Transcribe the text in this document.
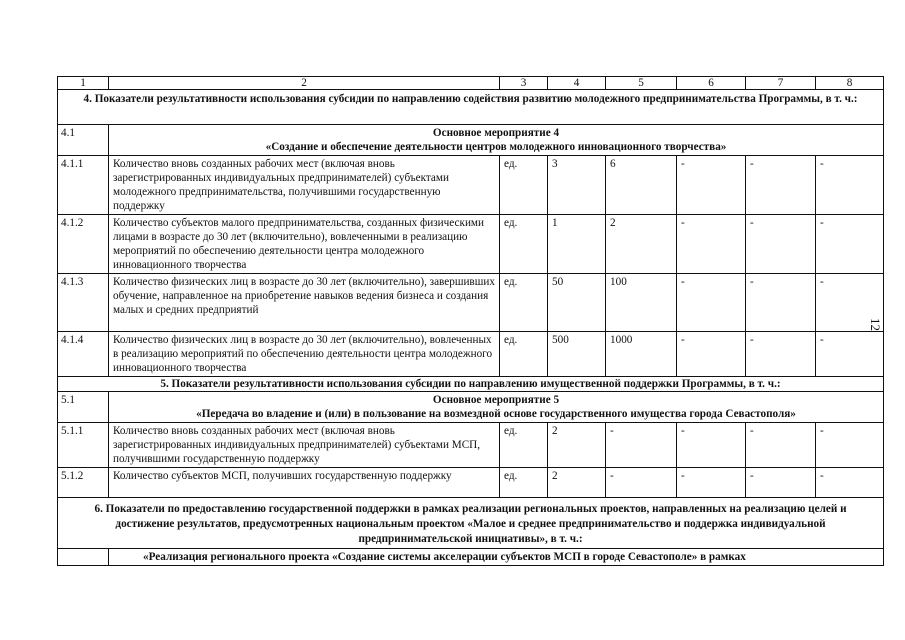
1	2	3	4	5	6	7	8
4. Показатели результативности использования субсидии по направлению содействия развитию молодежного предпринимательства Программы, в т. ч.:							
4.1	Основное мероприятие 4
«Создание и обеспечение деятельности центров молодежного инновационного творчества»						

4.1.1	Количество вновь созданных рабочих мест (включая вновь зарегистрированных индивидуальных предпринимателей) субъектами молодежного предпринимательства, получившими государственную поддержку	ед.	3	6	-	-	-
4.1.2	Количество субъектов малого предпринимательства, созданных физическими лицами в возрасте до 30 лет (включительно), вовлеченными в реализацию мероприятий по обеспечению деятельности центра молодежного инновационного творчества	ед.	1	2	-	-	-
4.1.3	Количество физических лиц в возрасте до 30 лет (включительно), завершивших обучение, направленное на приобретение навыков ведения бизнеса и создания малых и средних предприятий	ед.	50	100	-	-	-
4.1.4	Количество физических лиц в возрасте до 30 лет (включительно), вовлеченных в реализацию мероприятий по обеспечению деятельности центра молодежного инновационного творчества	ед.	500	1000	-	-	-
5. Показатели результативности использования субсидии по направлению имущественной поддержки Программы, в т. ч.:							
5.1	Основное мероприятие 5
«Передача во владение и (или) в пользование на возмездной основе государственного имущества города Севастополя»						

5.1.1	Количество вновь созданных рабочих мест (включая вновь зарегистрированных индивидуальных предпринимателей) субъектами МСП, получившими государственную поддержку	ед.	2	-	-	-	-
5.1.2	Количество субъектов МСП, получивших государственную поддержку	ед.	2	-	-	-	-
6. Показатели по предоставлению государственной поддержки в рамках реализации региональных проектов, направленных на реализацию целей и достижение результатов, предусмотренных национальным проектом «Малое и среднее предпринимательство и поддержка индивидуальной предпринимательской инициативы», в т. ч.:							
	«Реализация регионального проекта «Создание системы акселерации субъектов МСП в городе Севастополе» в рамках						
12
